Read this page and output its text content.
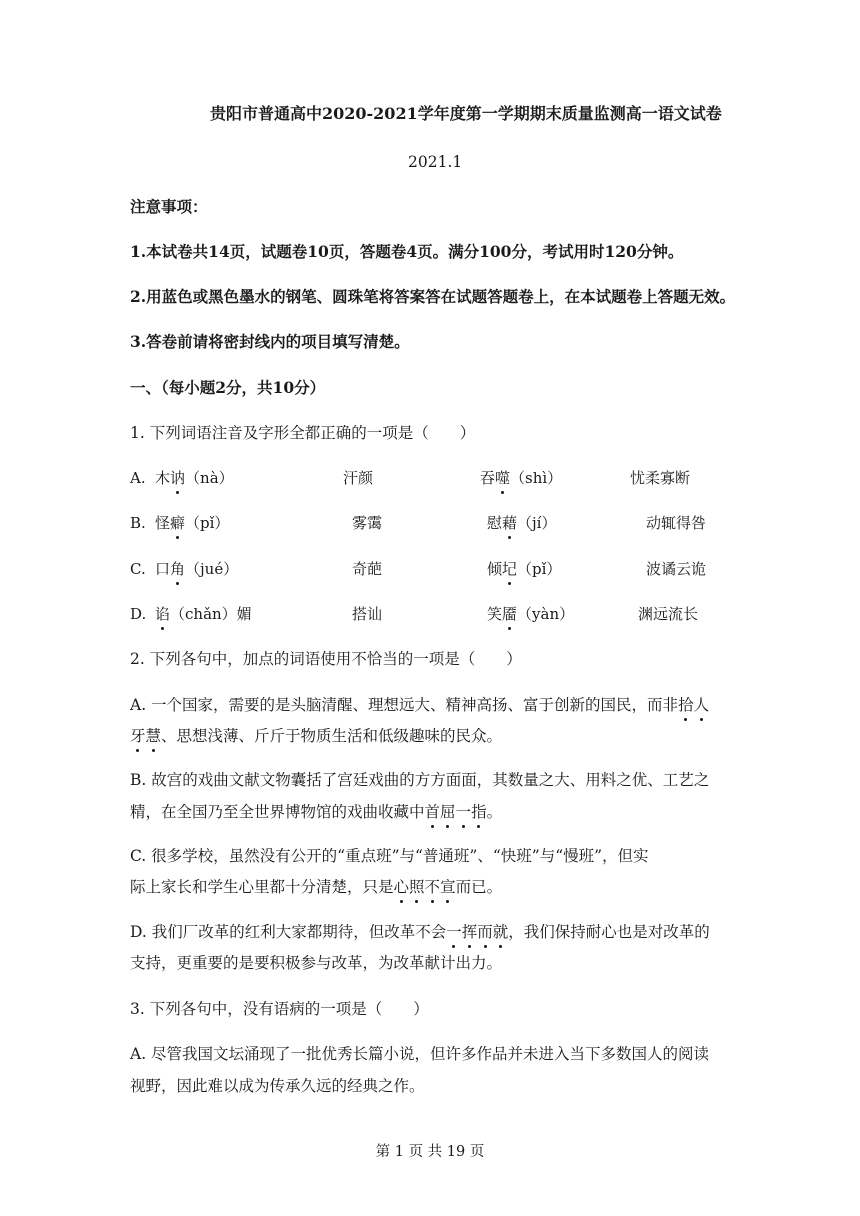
贵阳市普通高中2020-2021学年度第一学期期末质量监测高一语文试卷
2021.1
注意事项：
1.本试卷共14页，试题卷10页，答题卷4页。满分100分，考试用时120分钟。
2.用蓝色或黑色墨水的钢笔、圆珠笔将答案答在试题答题卷上，在本试题卷上答题无效。
3.答卷前请将密封线内的项目填写清楚。
一、（每小题2分，共10分）
1. 下列词语注音及字形全都正确的一项是（　　）
A. 木讷（nà）	汗颜	吞噬（shì）	忧柔寡断
B. 怪癖（pǐ）	雾霭	慰藉（jí）	动辄得咎
C. 口角（jué）	奇葩	倾圮（pǐ）	波谲云诡
D. 谄（chǎn）媚	搭讪	笑靥（yàn）	渊远流长
2. 下列各句中，加点的词语使用不恰当的一项是（　　）
A. 一个国家，需要的是头脑清醒、理想远大、精神高扬、富于创新的国民，而非拾人
牙慧、思想浅薄、斤斤于物质生活和低级趣味的民众。
B. 故宫的戏曲文献文物囊括了宫廷戏曲的方方面面，其数量之大、用料之优、工艺之
精，在全国乃至全世界博物馆的戏曲收藏中首屈一指。
C. 很多学校，虽然没有公开的“重点班”与“普通班”、“快班”与“慢班”，但实
际上家长和学生心里都十分清楚，只是心照不宣而已。
D. 我们厂改革的红利大家都期待，但改革不会一挥而就，我们保持耐心也是对改革的
支持，更重要的是要积极参与改革，为改革献计出力。
3. 下列各句中，没有语病的一项是（　　）
A. 尽管我国文坛涌现了一批优秀长篇小说，但许多作品并未进入当下多数国人的阅读
视野，因此难以成为传承久远的经典之作。
第 1 页 共 19 页
